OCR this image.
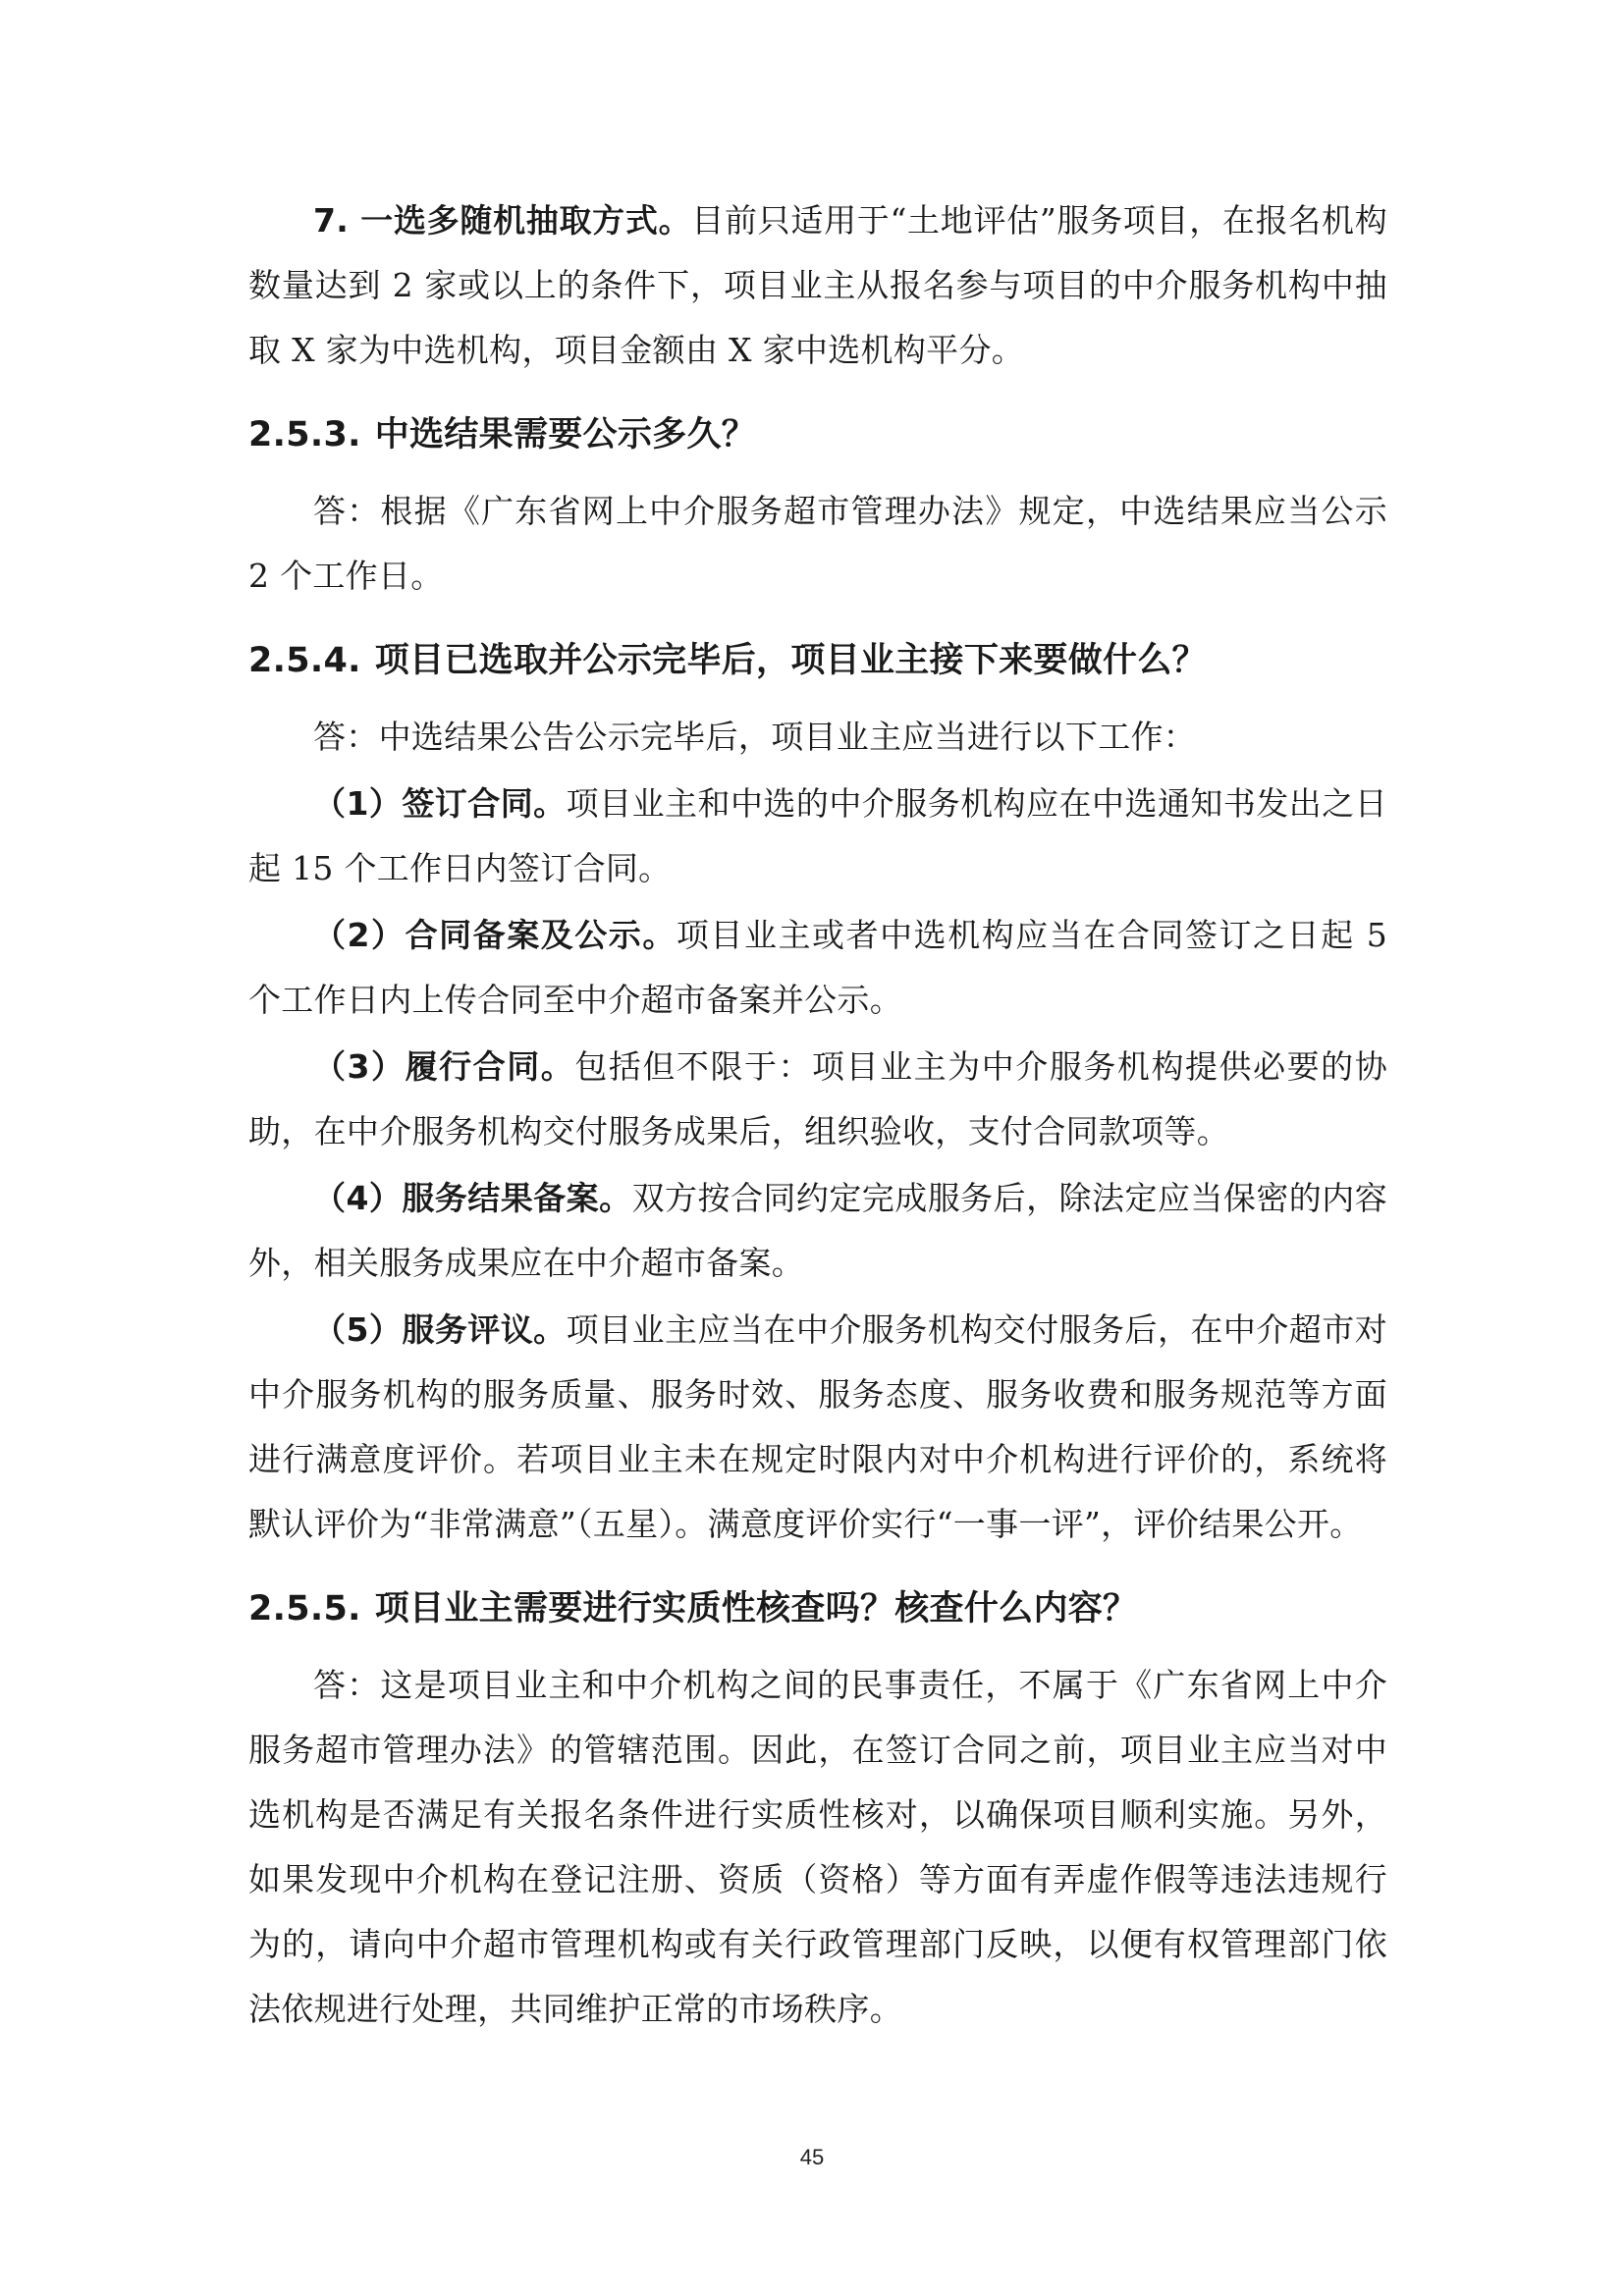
7. 一选多随机抽取方式。目前只适用于“土地评估”服务项目，在报名机构数量达到 2 家或以上的条件下，项目业主从报名参与项目的中介服务机构中抽取 X 家为中选机构，项目金额由 X 家中选机构平分。

2.5.3. 中选结果需要公示多久？

答：根据《广东省网上中介服务超市管理办法》规定，中选结果应当公示 2 个工作日。

2.5.4. 项目已选取并公示完毕后，项目业主接下来要做什么？

答：中选结果公告公示完毕后，项目业主应当进行以下工作：

（1）签订合同。项目业主和中选的中介服务机构应在中选通知书发出之日起 15 个工作日内签订合同。

（2）合同备案及公示。项目业主或者中选机构应当在合同签订之日起 5 个工作日内上传合同至中介超市备案并公示。

（3）履行合同。包括但不限于：项目业主为中介服务机构提供必要的协助，在中介服务机构交付服务成果后，组织验收，支付合同款项等。

（4）服务结果备案。双方按合同约定完成服务后，除法定应当保密的内容外，相关服务成果应在中介超市备案。

（5）服务评议。项目业主应当在中介服务机构交付服务后，在中介超市对中介服务机构的服务质量、服务时效、服务态度、服务收费和服务规范等方面进行满意度评价。若项目业主未在规定时限内对中介机构进行评价的，系统将默认评价为“非常满意”（五星）。满意度评价实行“一事一评”，评价结果公开。

2.5.5. 项目业主需要进行实质性核查吗？核查什么内容？

答：这是项目业主和中介机构之间的民事责任，不属于《广东省网上中介服务超市管理办法》的管辖范围。因此，在签订合同之前，项目业主应当对中选机构是否满足有关报名条件进行实质性核对，以确保项目顺利实施。另外，如果发现中介机构在登记注册、资质（资格）等方面有弄虚作假等违法违规行为的，请向中介超市管理机构或有关行政管理部门反映，以便有权管理部门依法依规进行处理，共同维护正常的市场秩序。

45
